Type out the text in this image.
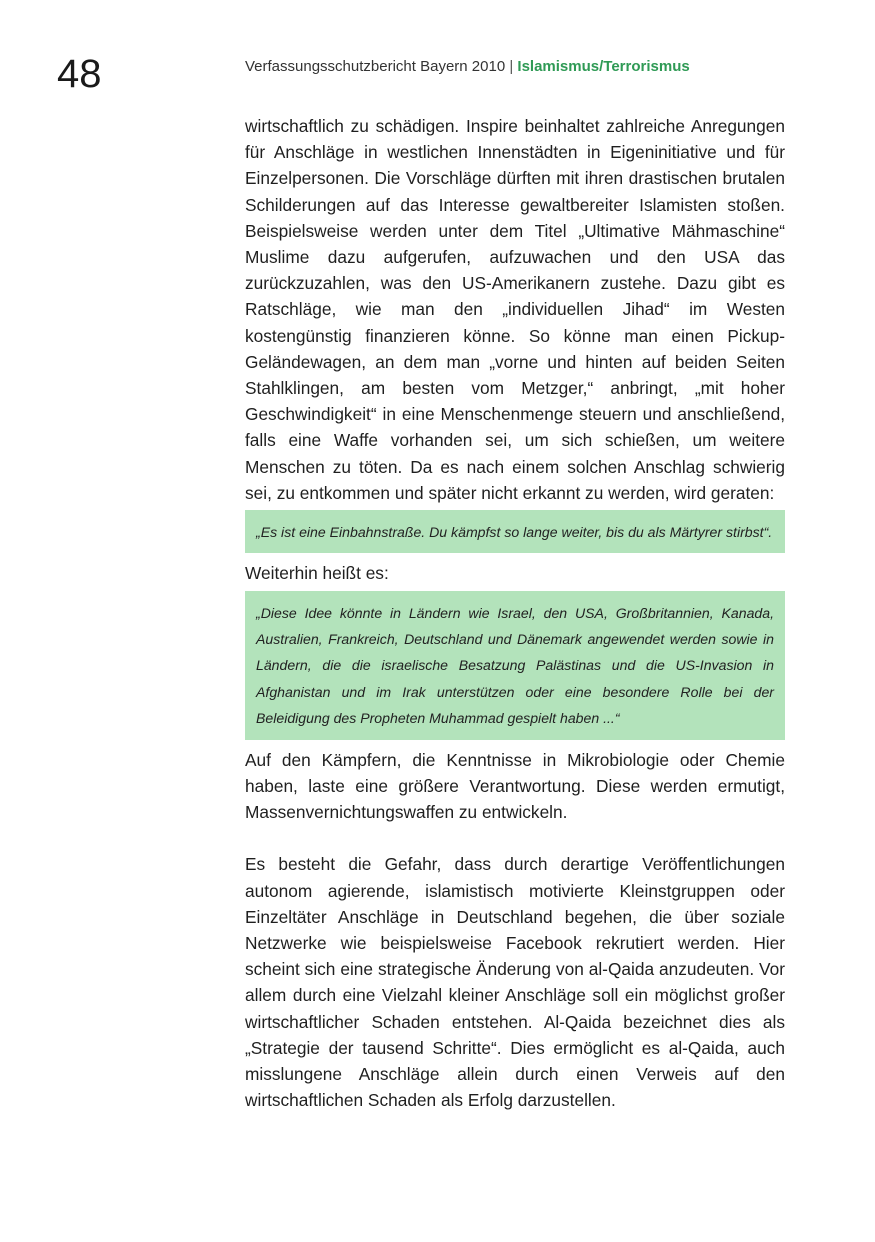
48	Verfassungsschutzbericht Bayern 2010 | Islamismus/Terrorismus

wirtschaftlich zu schädigen. Inspire beinhaltet zahlreiche Anregungen für Anschläge in westlichen Innenstädten in Eigeninitiative und für Einzelpersonen. Die Vorschläge dürften mit ihren drastischen brutalen Schilderungen auf das Interesse gewaltbereiter Islamisten stoßen. Beispielsweise werden unter dem Titel „Ultimative Mähmaschine“ Muslime dazu aufgerufen, aufzuwachen und den USA das zurückzuzahlen, was den US-Amerikanern zustehe. Dazu gibt es Ratschläge, wie man den „individuellen Jihad“ im Westen kostengünstig finanzieren könne. So könne man einen Pickup-Geländewagen, an dem man „vorne und hinten auf beiden Seiten Stahlklingen, am besten vom Metzger,“ anbringt, „mit hoher Geschwindigkeit“ in eine Menschenmenge steuern und anschließend, falls eine Waffe vorhanden sei, um sich schießen, um weitere Menschen zu töten. Da es nach einem solchen Anschlag schwierig sei, zu entkommen und später nicht erkannt zu werden, wird geraten:

„Es ist eine Einbahnstraße. Du kämpfst so lange weiter, bis du als Märtyrer stirbst“.

Weiterhin heißt es:

„Diese Idee könnte in Ländern wie Israel, den USA, Großbritannien, Kanada, Australien, Frankreich, Deutschland und Dänemark angewendet werden sowie in Ländern, die die israelische Besatzung Palästinas und die US-Invasion in Afghanistan und im Irak unterstützen oder eine besondere Rolle bei der Beleidigung des Propheten Muhammad gespielt haben ...“

Auf den Kämpfern, die Kenntnisse in Mikrobiologie oder Chemie haben, laste eine größere Verantwortung. Diese werden ermutigt, Massenvernichtungswaffen zu entwickeln.

Es besteht die Gefahr, dass durch derartige Veröffentlichungen autonom agierende, islamistisch motivierte Kleinstgruppen oder Einzeltäter Anschläge in Deutschland begehen, die über soziale Netzwerke wie beispielsweise Facebook rekrutiert werden. Hier scheint sich eine strategische Änderung von al-Qaida anzudeuten. Vor allem durch eine Vielzahl kleiner Anschläge soll ein möglichst großer wirtschaftlicher Schaden entstehen. Al-Qaida bezeichnet dies als „Strategie der tausend Schritte“. Dies ermöglicht es al-Qaida, auch misslungene Anschläge allein durch einen Verweis auf den wirtschaftlichen Schaden als Erfolg darzustellen.
